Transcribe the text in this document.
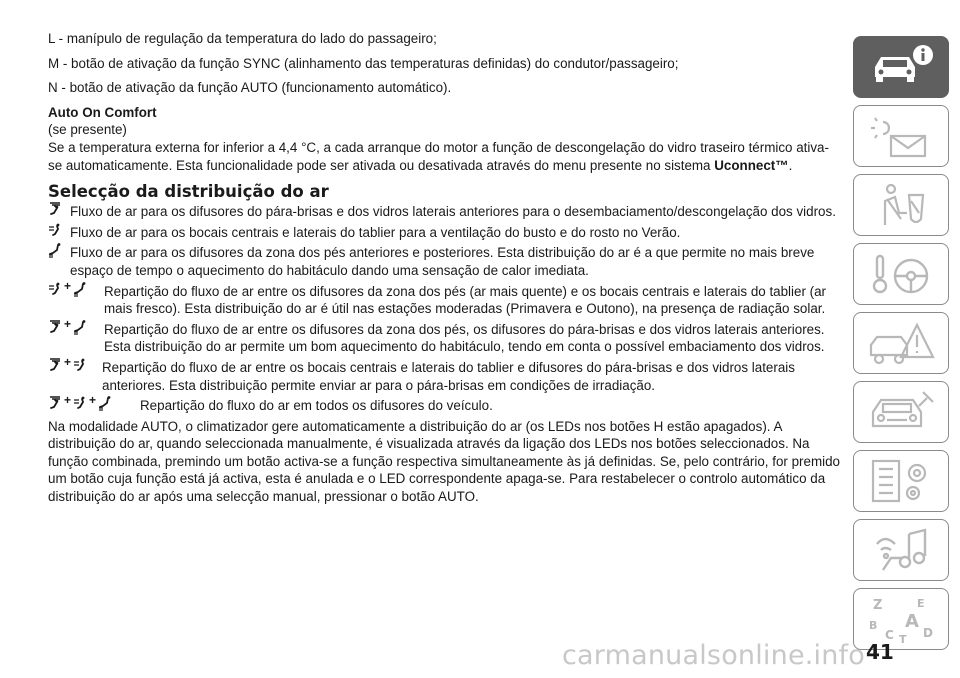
L - manípulo de regulação da temperatura do lado do passageiro;

M - botão de ativação da função SYNC (alinhamento das temperaturas definidas) do condutor/passageiro;

N - botão de ativação da função AUTO (funcionamento automático).

Auto On Comfort

(se presente)

Se a temperatura externa for inferior a 4,4 °C, a cada arranque do motor a função de descongelação do vidro traseiro térmico ativa-se automaticamente. Esta funcionalidade pode ser ativada ou desativada através do menu presente no sistema Uconnect™.

Selecção da distribuição do ar
Fluxo de ar para os difusores do pára-brisas e dos vidros laterais anteriores para o desembaciamento/descongelação dos vidros.
Fluxo de ar para os bocais centrais e laterais do tablier para a ventilação do busto e do rosto no Verão.
Fluxo de ar para os difusores da zona dos pés anteriores e posteriores. Esta distribuição do ar é a que permite no mais breve espaço de tempo o aquecimento do habitáculo dando uma sensação de calor imediata.
+	Repartição do fluxo de ar entre os difusores da zona dos pés (ar mais quente) e os bocais centrais e laterais do tablier (ar mais fresco). Esta distribuição do ar é útil nas estações moderadas (Primavera e Outono), na presença de radiação solar.
+	Repartição do fluxo de ar entre os difusores da zona dos pés, os difusores do pára-brisas e dos vidros laterais anteriores. Esta distribuição do ar permite um bom aquecimento do habitáculo, tendo em conta o possível embaciamento dos vidros.
+	Repartição do fluxo de ar entre os bocais centrais e laterais do tablier e difusores do pára-brisas e dos vidros laterais anteriores. Esta distribuição permite enviar ar para o pára-brisas em condições de irradiação.
+ +	Repartição do fluxo do ar em todos os difusores do veículo.

Na modalidade AUTO, o climatizador gere automaticamente a distribuição do ar (os LEDs nos botões H estão apagados). A distribuição do ar, quando seleccionada manualmente, é visualizada através da ligação dos LEDs nos botões seleccionados. Na função combinada, premindo um botão activa-se a função respectiva simultaneamente às já definidas. Se, pelo contrário, for premido um botão cuja função está já activa, esta é anulada e o LED correspondente apaga-se. Para restabelecer o controlo automático da distribuição do ar após uma selecção manual, pressionar o botão AUTO.

Z	E
B A
C D
T
carmanualsonline.info 41
